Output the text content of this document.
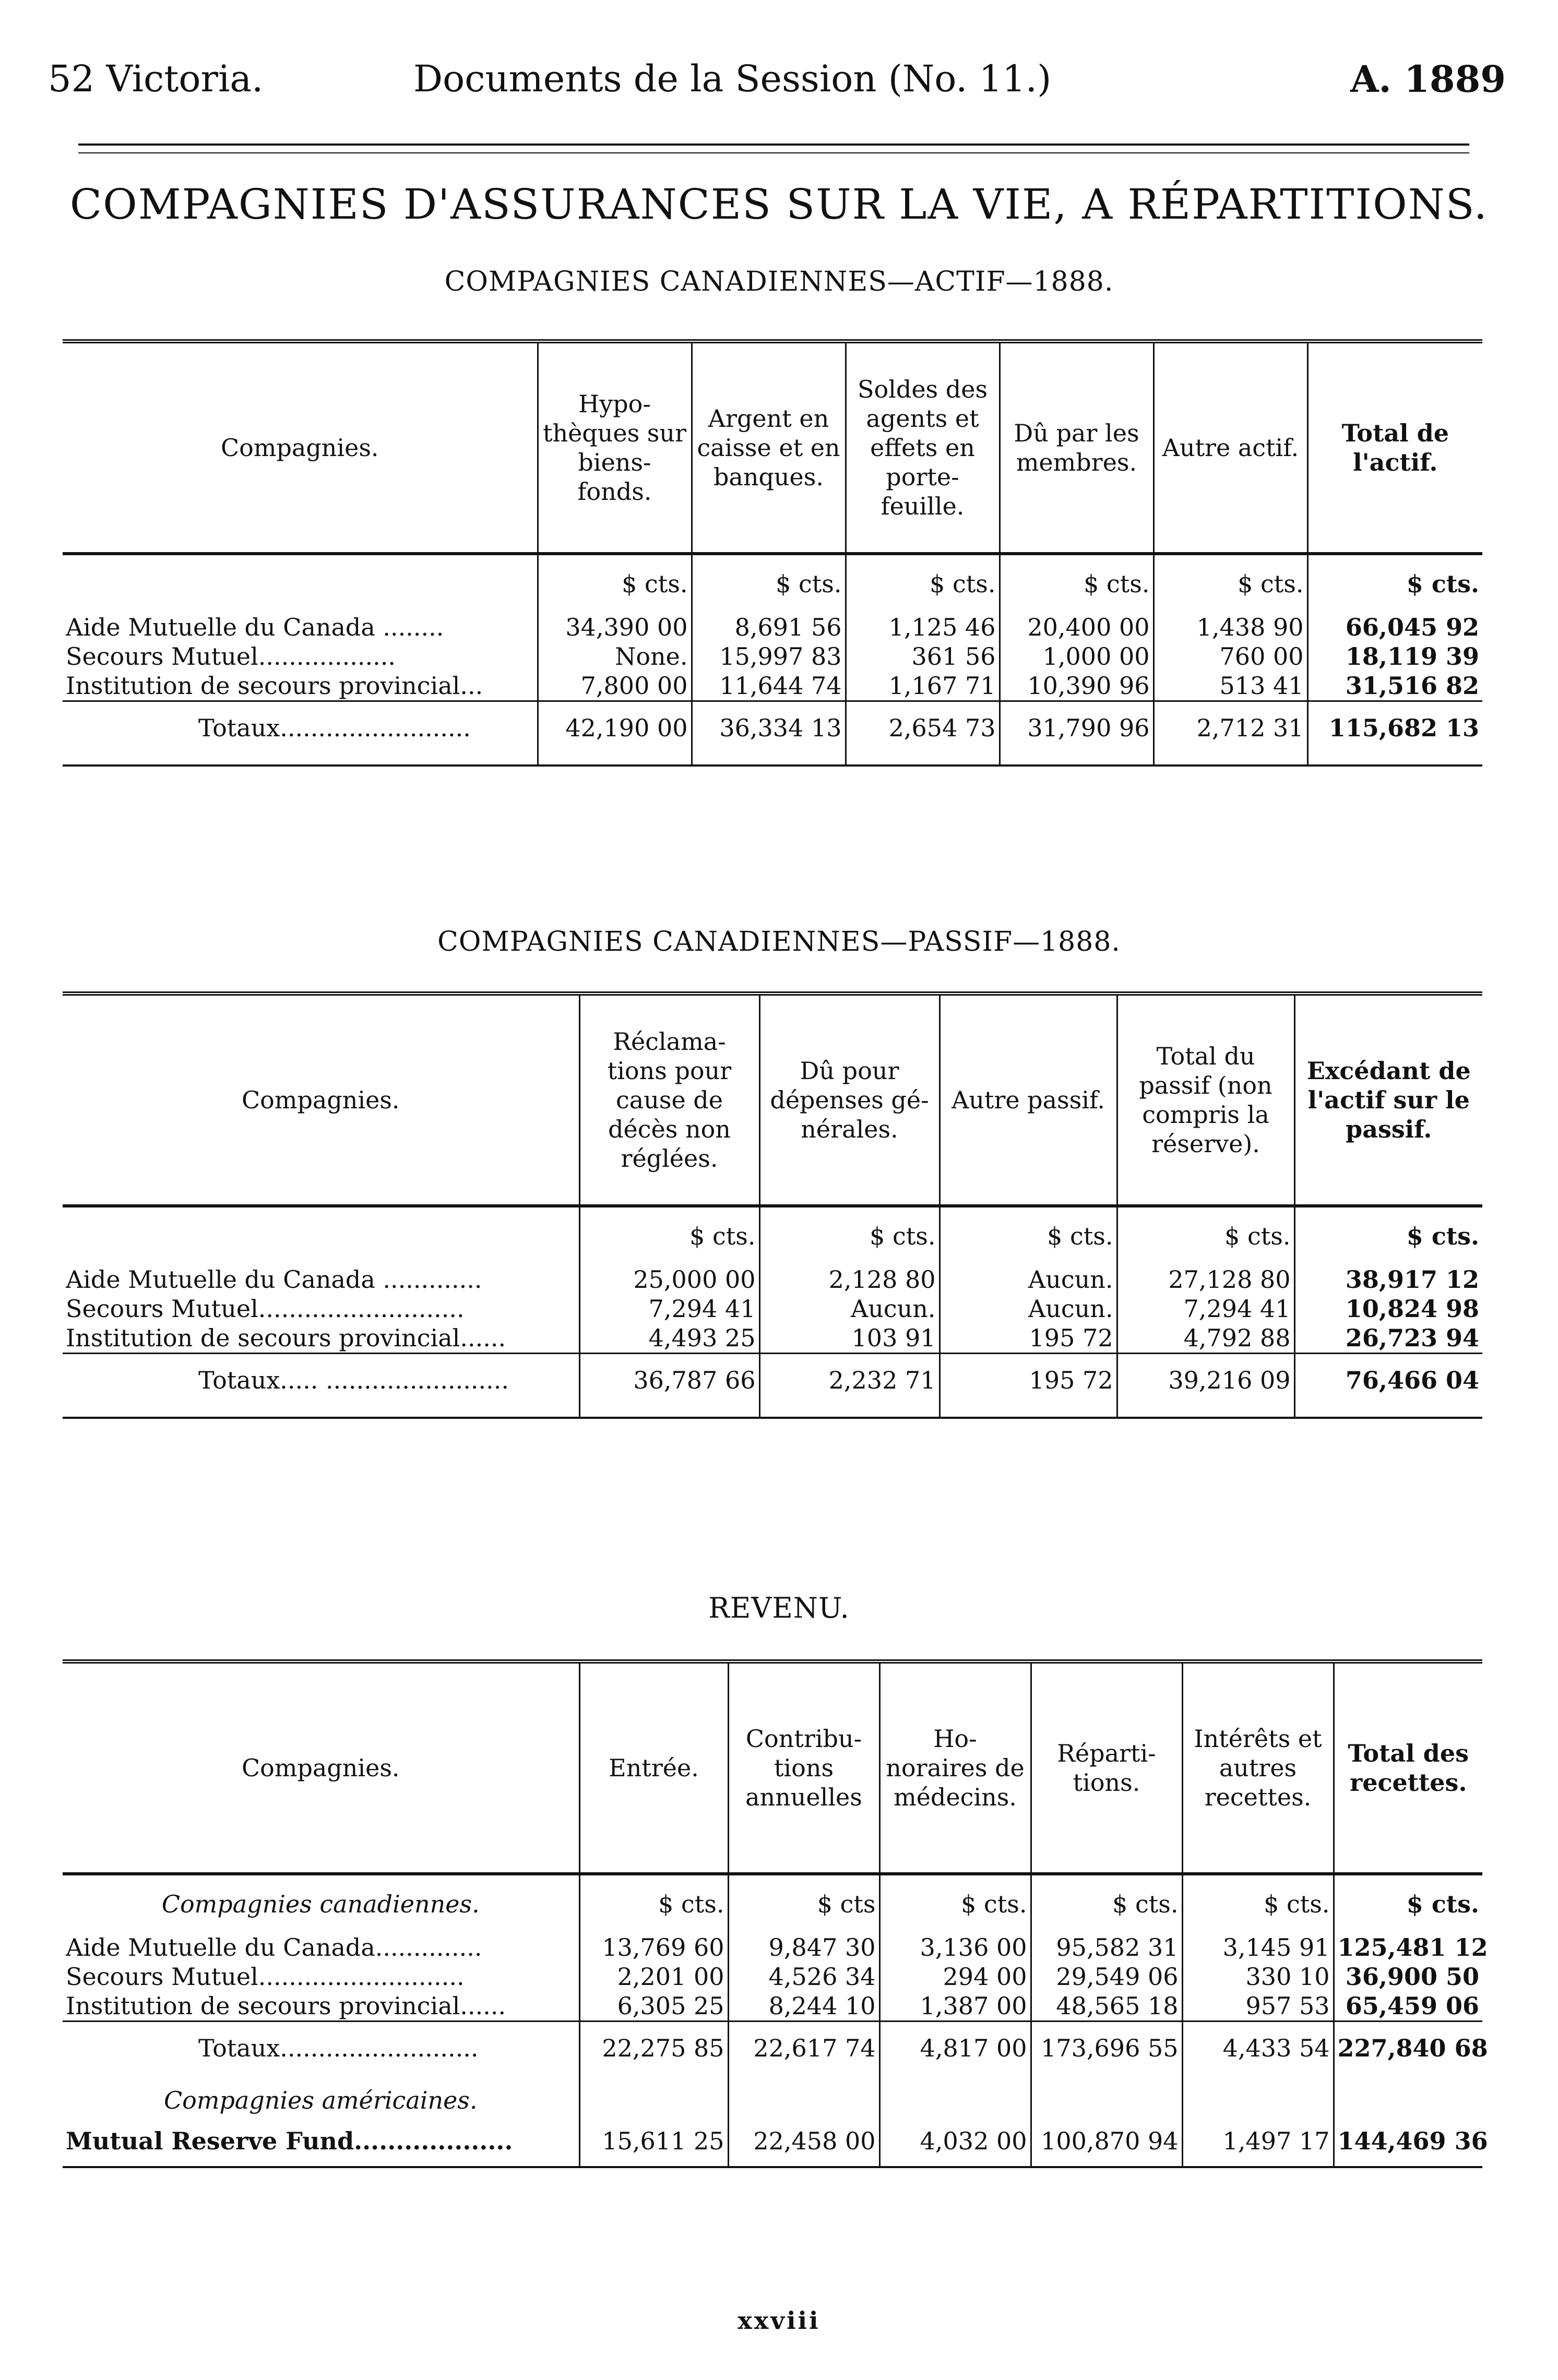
52 Victoria.	Documents de la Session (No. 11.)	A. 1889
COMPAGNIES D'ASSURANCES SUR LA VIE, A RÉPARTITIONS.
COMPAGNIES CANADIENNES—ACTIF—1888.
Compagnies.	Hypo-thèques sur biens-fonds.	Argent en caisse et en banques.	Soldes des agents et effets en porte-feuille.	Dû par les membres.	Autre actif.	Total de l'actif.

	$ cts.	$ cts.	$ cts.	$ cts.	$ cts.	$ cts.
Aide Mutuelle du Canada ........	34,390 00	8,691 56	1,125 46	20,400 00	1,438 90	66,045 92
Secours Mutuel..................	None.	15,997 83	361 56	1,000 00	760 00	18,119 39
Institution de secours provincial...	7,800 00	11,644 74	1,167 71	10,390 96	513 41	31,516 82
Totaux.........................	42,190 00	36,334 13	2,654 73	31,790 96	2,712 31	115,682 13

COMPAGNIES CANADIENNES—PASSIF—1888.
Compagnies.	Réclama-tions pour cause de décès non réglées.	Dû pour dépenses gé-nérales.	Autre passif.	Total du passif (non compris la réserve).	Excédant de l'actif sur le passif.

	$ cts.	$ cts.	$ cts.	$ cts.	$ cts.
Aide Mutuelle du Canada .............	25,000 00	2,128 80	Aucun.	27,128 80	38,917 12
Secours Mutuel...........................	7,294 41	Aucun.	Aucun.	7,294 41	10,824 98
Institution de secours provincial......	4,493 25	103 91	195 72	4,792 88	26,723 94
Totaux..... ........................	36,787 66	2,232 71	195 72	39,216 09	76,466 04

REVENU.
Compagnies.	Entrée.	Contribu-tions annuelles	Ho-noraires de médecins.	Réparti-tions.	Intérêts et autres recettes.	Total des recettes.

Compagnies canadiennes.	$ cts.	$ cts	$ cts.	$ cts.	$ cts.	$ cts.
Aide Mutuelle du Canada..............	13,769 60	9,847 30	3,136 00	95,582 31	3,145 91	125,481 12
Secours Mutuel...........................	2,201 00	4,526 34	294 00	29,549 06	330 10	36,900 50
Institution de secours provincial......	6,305 25	8,244 10	1,387 00	48,565 18	957 53	65,459 06
Totaux..........................	22,275 85	22,617 74	4,817 00	173,696 55	4,433 54	227,840 68
Compagnies américaines.						
Mutual Reserve Fund...................	15,611 25	22,458 00	4,032 00	100,870 94	1,497 17	144,469 36

xxviii
